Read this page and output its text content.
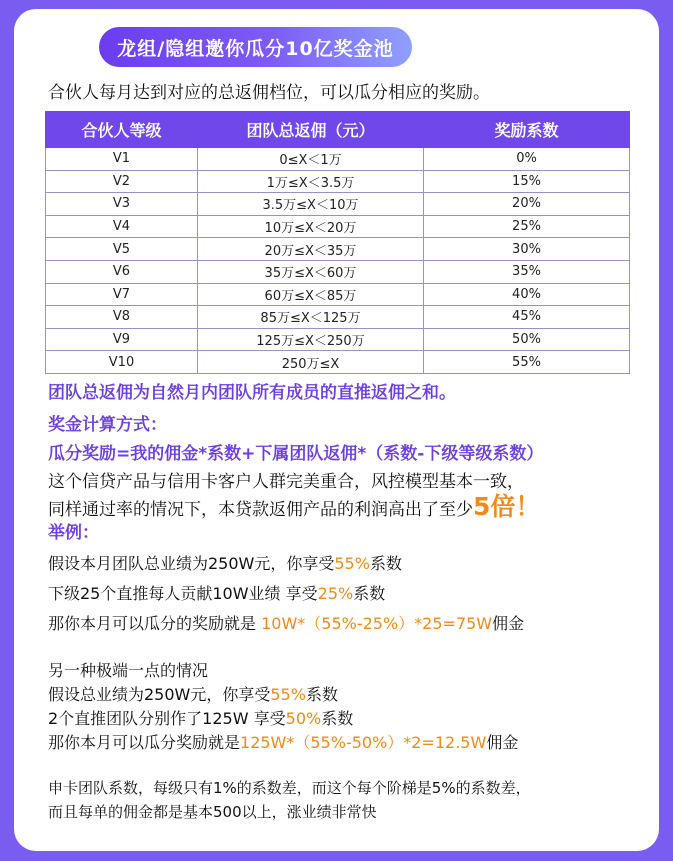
龙组/隐组邀你瓜分10亿奖金池
合伙人每月达到对应的总返佣档位，可以瓜分相应的奖励。
合伙人等级	团队总返佣（元）	奖励系数
V1	0≤X＜1万	0%
V2	1万≤X＜3.5万	15%
V3	3.5万≤X＜10万	20%
V4	10万≤X＜20万	25%
V5	20万≤X＜35万	30%
V6	35万≤X＜60万	35%
V7	60万≤X＜85万	40%
V8	85万≤X＜125万	45%
V9	125万≤X＜250万	50%
V10	250万≤X	55%
团队总返佣为自然月内团队所有成员的直推返佣之和。
奖金计算方式：
瓜分奖励=我的佣金*系数+下属团队返佣*（系数-下级等级系数）
这个信贷产品与信用卡客户人群完美重合，风控模型基本一致，
同样通过率的情况下，本贷款返佣产品的利润高出了至少5倍！
举例：
假设本月团队总业绩为250W元，你享受55%系数
下级25个直推每人贡献10W业绩 享受25%系数
那你本月可以瓜分的奖励就是 10W*（55%-25%）*25=75W佣金
另一种极端一点的情况
假设总业绩为250W元，你享受55%系数
2个直推团队分别作了125W 享受50%系数
那你本月可以瓜分奖励就是125W*（55%-50%）*2=12.5W佣金
申卡团队系数，每级只有1%的系数差，而这个每个阶梯是5%的系数差，
而且每单的佣金都是基本500以上，涨业绩非常快
